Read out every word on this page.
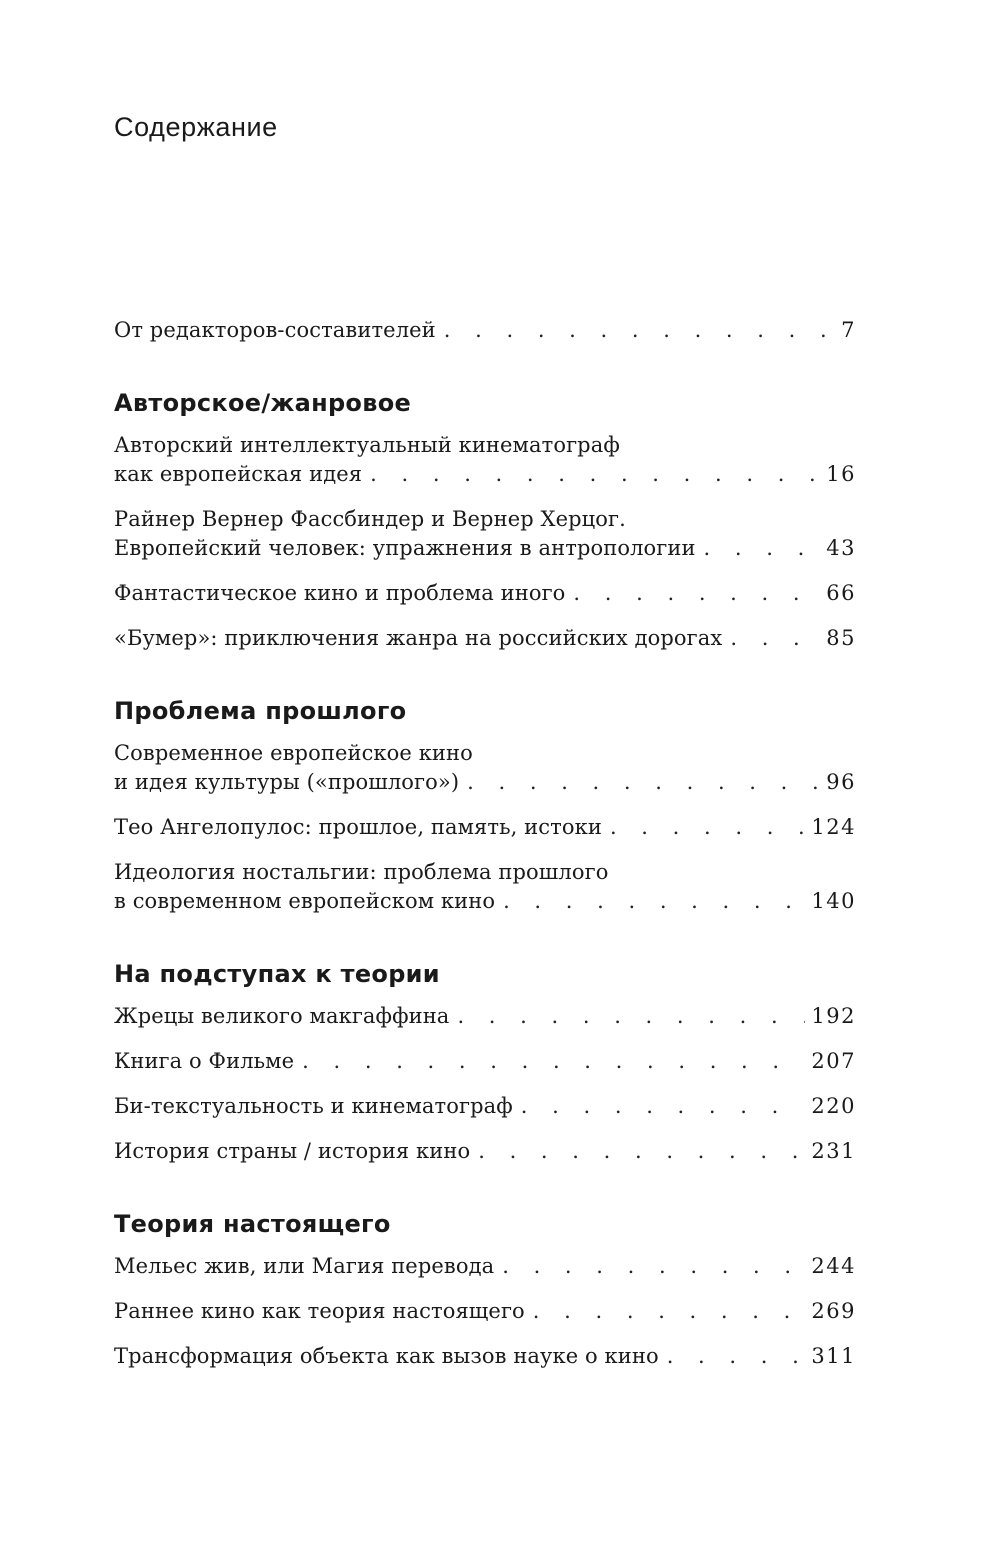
Содержание
От редакторов-составителей . . .	7
Авторское/жанровое
Авторский интеллектуальный кинематограф
как европейская идея . . .	16
Райнер Вернер Фассбиндер и Вернер Херцог.
Европейский человек: упражнения в антропологии . . .	43
Фантастическое кино и проблема иного . . .	66
«Бумер»: приключения жанра на российских дорогах . . .	85
Проблема прошлого
Современное европейское кино
и идея культуры («прошлого») . . .	96
Тео Ангелопулос: прошлое, память, истоки . . .	124
Идеология ностальгии: проблема прошлого
в современном европейском кино . . .	140
На подступах к теории
Жрецы великого макгаффина . . .	192
Книга о Фильме . . .	207
Би-текстуальность и кинематограф . . .	220
История страны / история кино . . .	231
Теория настоящего
Мельес жив, или Магия перевода . . .	244
Раннее кино как теория настоящего . . .	269
Трансформация объекта как вызов науке о кино . . .	311
